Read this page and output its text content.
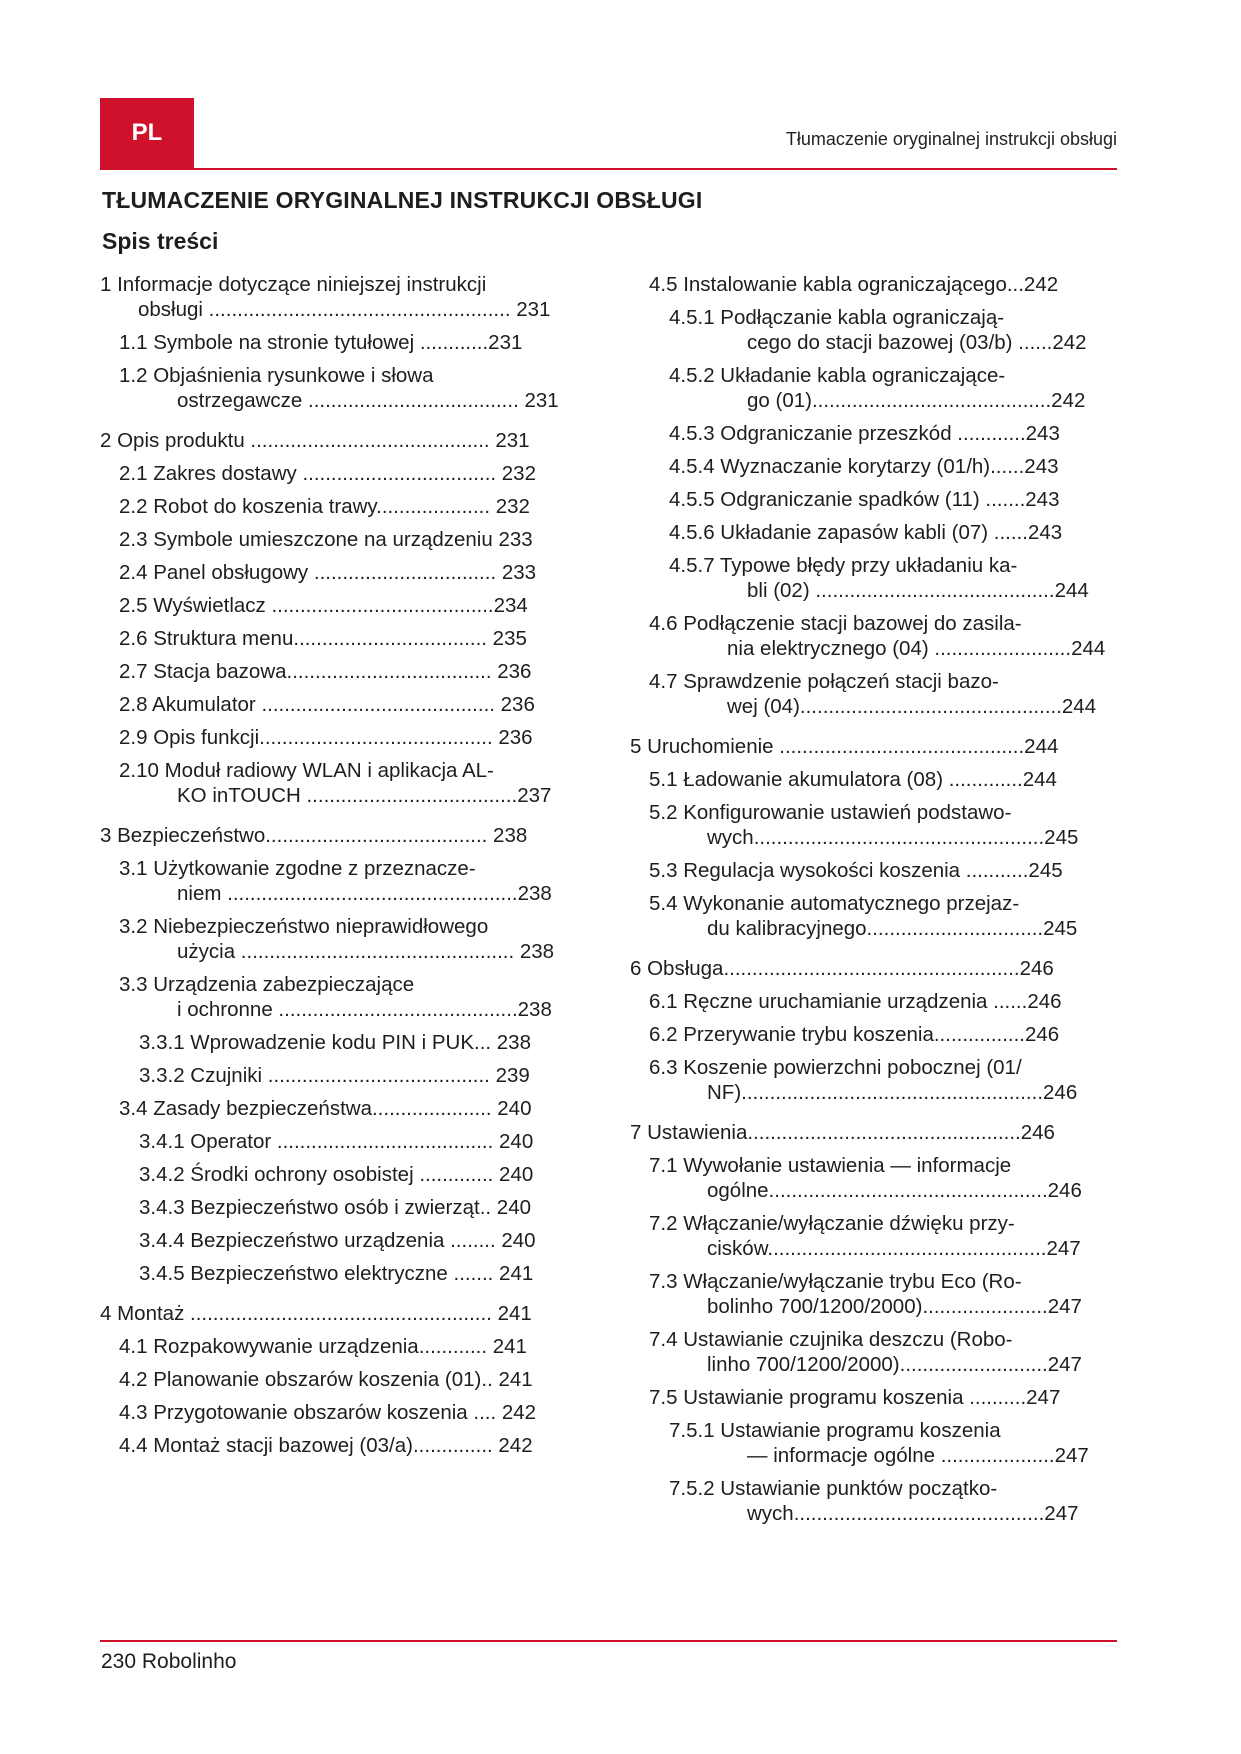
PL	Tłumaczenie oryginalnej instrukcji obsługi
TŁUMACZENIE ORYGINALNEJ INSTRUKCJI OBSŁUGI
Spis treści
1 Informacje dotyczące niniejszej instrukcji
obsługi ..................................................... 231
1.1 Symbole na stronie tytułowej ............231
1.2 Objaśnienia rysunkowe i słowa
ostrzegawcze ..................................... 231
2 Opis produktu .......................................... 231
2.1 Zakres dostawy .................................. 232
2.2 Robot do koszenia trawy.................... 232
2.3 Symbole umieszczone na urządzeniu 233
2.4 Panel obsługowy ................................ 233
2.5 Wyświetlacz .......................................234
2.6 Struktura menu.................................. 235
2.7 Stacja bazowa.................................... 236
2.8 Akumulator ......................................... 236
2.9 Opis funkcji......................................... 236
2.10 Moduł radiowy WLAN i aplikacja AL-
KO inTOUCH .....................................237
3 Bezpieczeństwo....................................... 238
3.1 Użytkowanie zgodne z przeznacze-
niem ...................................................238
3.2 Niebezpieczeństwo nieprawidłowego
użycia ................................................ 238
3.3 Urządzenia zabezpieczające
i ochronne ..........................................238
3.3.1 Wprowadzenie kodu PIN i PUK... 238
3.3.2 Czujniki ....................................... 239
3.4 Zasady bezpieczeństwa..................... 240
3.4.1 Operator ...................................... 240
3.4.2 Środki ochrony osobistej ............. 240
3.4.3 Bezpieczeństwo osób i zwierząt.. 240
3.4.4 Bezpieczeństwo urządzenia ........ 240
3.4.5 Bezpieczeństwo elektryczne ....... 241
4 Montaż ..................................................... 241
4.1 Rozpakowywanie urządzenia............ 241
4.2 Planowanie obszarów koszenia (01).. 241
4.3 Przygotowanie obszarów koszenia .... 242
4.4 Montaż stacji bazowej (03/a).............. 242
4.5 Instalowanie kabla ograniczającego...242
4.5.1 Podłączanie kabla ograniczają-
cego do stacji bazowej (03/b) ......242
4.5.2 Układanie kabla ograniczające-
go (01)..........................................242
4.5.3 Odgraniczanie przeszkód ............243
4.5.4 Wyznaczanie korytarzy (01/h)......243
4.5.5 Odgraniczanie spadków (11) .......243
4.5.6 Układanie zapasów kabli (07) ......243
4.5.7 Typowe błędy przy układaniu ka-
bli (02) ..........................................244
4.6 Podłączenie stacji bazowej do zasila-
nia elektrycznego (04) ........................244
4.7 Sprawdzenie połączeń stacji bazo-
wej (04)..............................................244
5 Uruchomienie ...........................................244
5.1 Ładowanie akumulatora (08) .............244
5.2 Konfigurowanie ustawień podstawo-
wych...................................................245
5.3 Regulacja wysokości koszenia ...........245
5.4 Wykonanie automatycznego przejaz-
du kalibracyjnego...............................245
6 Obsługa....................................................246
6.1 Ręczne uruchamianie urządzenia ......246
6.2 Przerywanie trybu koszenia................246
6.3 Koszenie powierzchni pobocznej (01/
NF).....................................................246
7 Ustawienia................................................246
7.1 Wywołanie ustawienia — informacje
ogólne.................................................246
7.2 Włączanie/wyłączanie dźwięku przy-
cisków.................................................247
7.3 Włączanie/wyłączanie trybu Eco (Ro-
bolinho 700/1200/2000)......................247
7.4 Ustawianie czujnika deszczu (Robo-
linho 700/1200/2000)..........................247
7.5 Ustawianie programu koszenia ..........247
7.5.1 Ustawianie programu koszenia
— informacje ogólne ....................247
7.5.2 Ustawianie punktów początko-
wych............................................247
230 Robolinho
